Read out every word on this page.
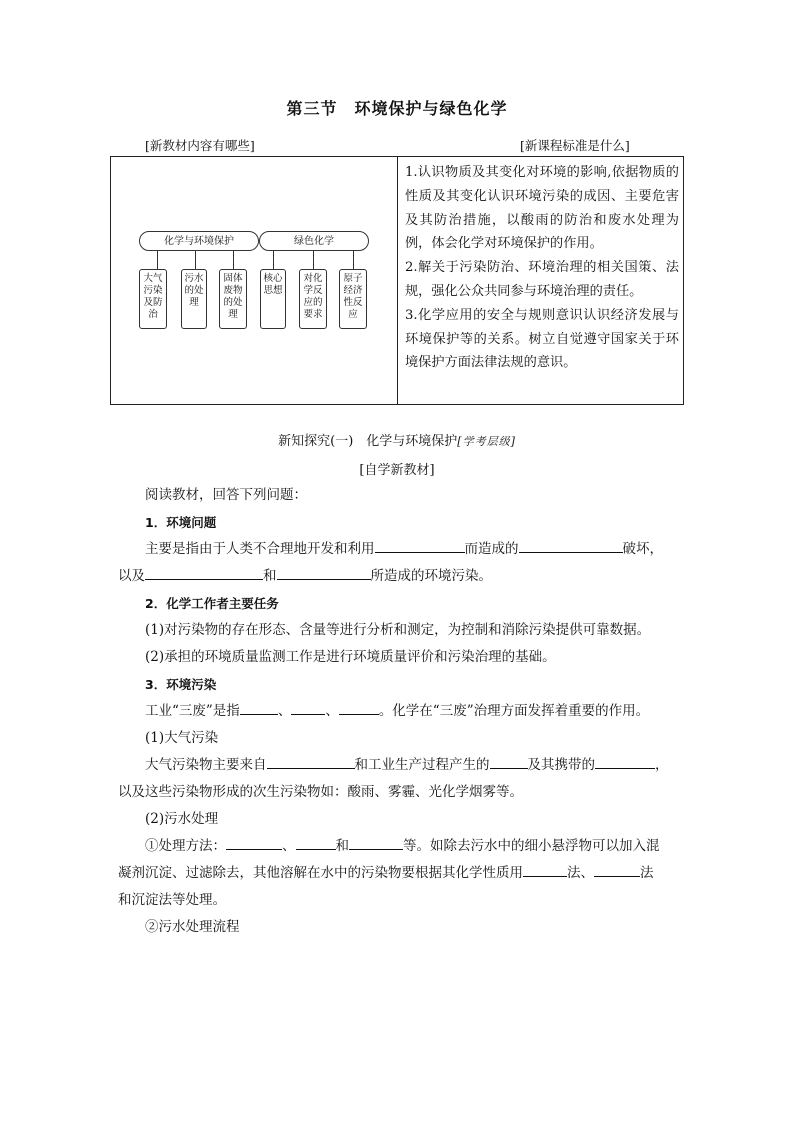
第三节　环境保护与绿色化学
[新教材内容有哪些]	[新课程标准是什么]
化学与环境保护	绿色化学
大气污染及防治
污水的处理
固体废物的处理
核心思想
对化学反应的要求
原子经济性反应

1.认识物质及其变化对环境的影响,依据物质的性质及其变化认识环境污染的成因、主要危害及其防治措施，以酸雨的防治和废水处理为例，体会化学对环境保护的作用。

2.解关于污染防治、环境治理的相关国策、法规，强化公众共同参与环境治理的责任。

3.化学应用的安全与规则意识认识经济发展与环境保护等的关系。树立自觉遵守国家关于环境保护方面法律法规的意识。

新知探究(一)　化学与环境保护[学考层级]
[自学新教材]
阅读教材，回答下列问题：
1．环境问题
主要是指由于人类不合理地开发和利用	而造成的	破坏，
以及	和	所造成的环境污染。
2．化学工作者主要任务
(1)对污染物的存在形态、含量等进行分析和测定，为控制和消除污染提供可靠数据。
(2)承担的环境质量监测工作是进行环境质量评价和污染治理的基础。
3．环境污染
工业“三废”是指	、	、	。化学在“三废”治理方面发挥着重要的作用。
(1)大气污染
大气污染物主要来自	和工业生产过程产生的	及其携带的	，
以及这些污染物形成的次生污染物如：酸雨、雾霾、光化学烟雾等。
(2)污水处理
①处理方法：	、	和	等。如除去污水中的细小悬浮物可以加入混
凝剂沉淀、过滤除去，其他溶解在水中的污染物要根据其化学性质用	法、	法
和沉淀法等处理。
②污水处理流程
